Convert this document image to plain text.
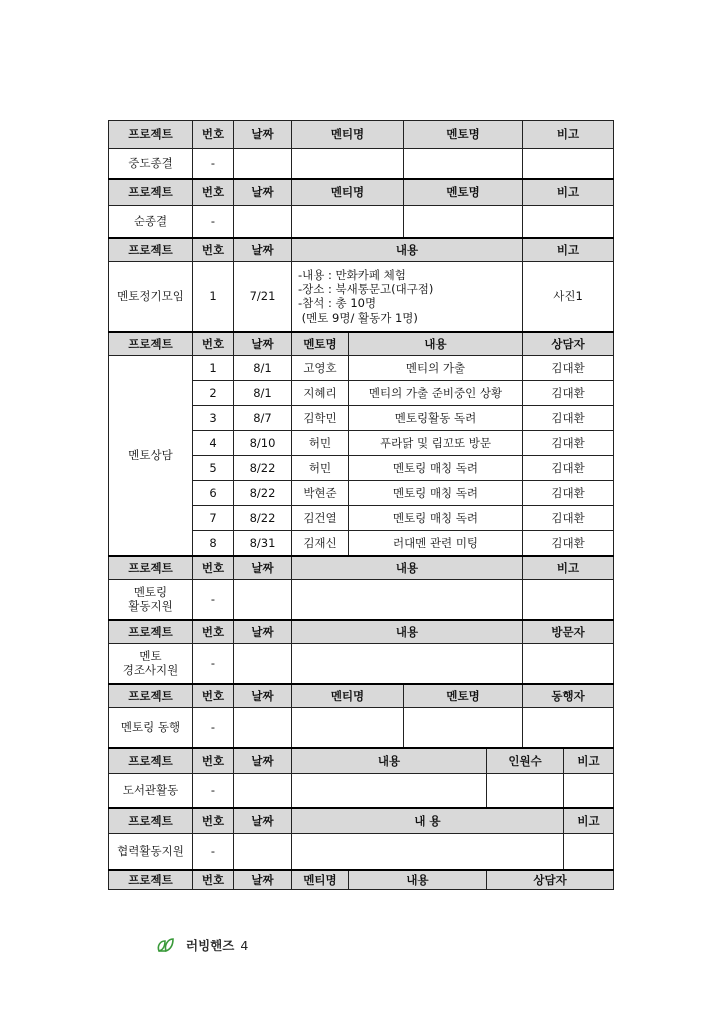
프로젝트	번호	날짜	멘티명		멘토명		비고	
중도종결	-							
프로젝트	번호	날짜	멘티명		멘토명		비고	
순종결	-							
프로젝트	번호	날짜	내용				비고	
멘토정기모임	1	7/21	-내용 : 만화카페 체험
-장소 : 북새통문고(대구점)
-참석 : 총 10명
(멘토 9명/ 활동가 1명)				사진1	
프로젝트	번호	날짜	멘토명	내용			상담자	
멘토상담	1	8/1	고영호	멘티의 가출			김대환	
	2	8/1	지혜리	멘티의 가출 준비중인 상황			김대환	
	3	8/7	김학민	멘토링활동 독려			김대환	
	4	8/10	허민	푸라닭 및 림꼬또 방문			김대환	
	5	8/22	허민	멘토링 매칭 독려			김대환	
	6	8/22	박현준	멘토링 매칭 독려			김대환	
	7	8/22	김건열	멘토링 매칭 독려			김대환	
	8	8/31	김재신	러대멘 관련 미팅			김대환	
프로젝트	번호	날짜	내용				비고	

멘토링
활동지원	-							
프로젝트	번호	날짜	내용				방문자	

멘토
경조사지원	-							
프로젝트	번호	날짜	멘티명		멘토명		동행자	
멘토링 동행	-							
프로젝트	번호	날짜	내용			인원수		비고
도서관활동	-							
프로젝트	번호	날짜	내 용					비고
협력활동지원	-							
프로젝트	번호	날짜	멘티명	내용		상담자		
러빙핸즈 4
